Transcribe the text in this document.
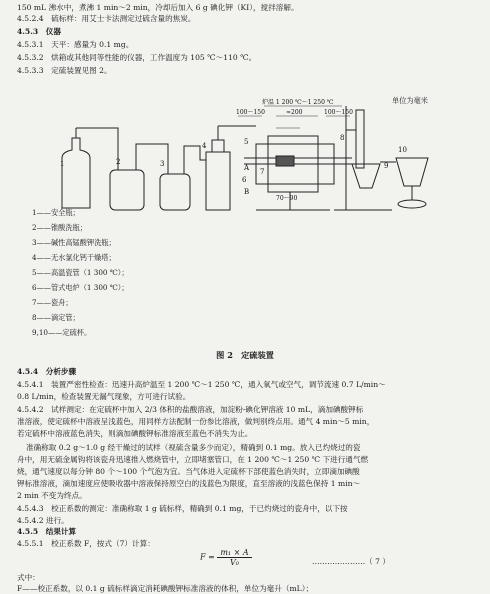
150 mL 沸水中，煮沸 1 min～2 min，冷却后加入 6 g 碘化钾（KI），搅拌溶解。
4.5.2.4　硫标样：用艾士卡法测定过硫含量的焦炭。
4.5.3　仪器
4.5.3.1　天平：感量为 0.1 mg。
4.5.3.2　烘箱或其他同等性能的仪器，工作温度为 105 ℃～110 ℃。
4.5.3.3　定硫装置见图 2。
单位为毫米
1	2	3
4	5
6
7
8
9
10
A
B
炉温 1 200 ℃～1 250 ℃
100～150	100～150
≈200
70～90
1——安全瓶；
2——锥酸洗瓶；
3——碱性高锰酸钾洗瓶；
4——无水氯化钙干燥塔；
5——高温瓷管（1 300 ℃）；
6——管式电炉（1 300 ℃）；
7——瓷舟；
8——滴定管；
9,10——定硫杯。
图 2　定硫装置
4.5.4　分析步骤
4.5.4.1　装置严密性检查：迅速升高炉温至 1 200 ℃～1 250 ℃，通入氧气或空气，调节流速 0.7 L/min～
0.8 L/min，检查装置无漏气现象，方可进行试验。
4.5.4.2　试样测定：在定硫杯中加入 2/3 体积的盐酸溶液，加淀粉-碘化钾溶液 10 mL，滴加碘酸钾标
准溶液，使定硫杯中溶液呈浅蓝色，用同样方法配制一份参比溶液，做判别终点用。通气 4 min～5 min，
若定硫杯中溶液蓝色消失，则滴加碘酸钾标准溶液至蓝色不消失为止。
准确称取 0.2 g～1.0 g 经干燥过的试样（视硫含量多少而定），精确到 0.1 mg。放入已灼烧过的瓷
舟中，用无硫金属钩将该瓷舟迅速推入燃烧管中，立即堵塞管口，在 1 200 ℃～1 250 ℃ 下进行通气燃
烧，通气速度以每分钟 80 个～100 个气泡为宜。当气体进入定硫杯下部使蓝色消失时，立即滴加碘酸
钾标准溶液，滴加速度应使吸收器中溶液保持原空白的浅蓝色为限度，直至溶液的浅蓝色保持 1 min～
2 min 不变为终点。
4.5.4.3　校正系数的测定：准确称取 1 g 硫标样，精确到 0.1 mg，于已灼烧过的瓷舟中，以下按
4.5.4.2 进行。
4.5.5　结果计算
4.5.5.1　校正系数 F，按式（7）计算：
$F = \frac{\text{m₁ × A}}{\text{V₀}}$	…………………（ 7 ）
式中：
F——校正系数，以 0.1 g 硫标样滴定消耗碘酸钾标准溶液的体积，单位为毫升（mL）；
